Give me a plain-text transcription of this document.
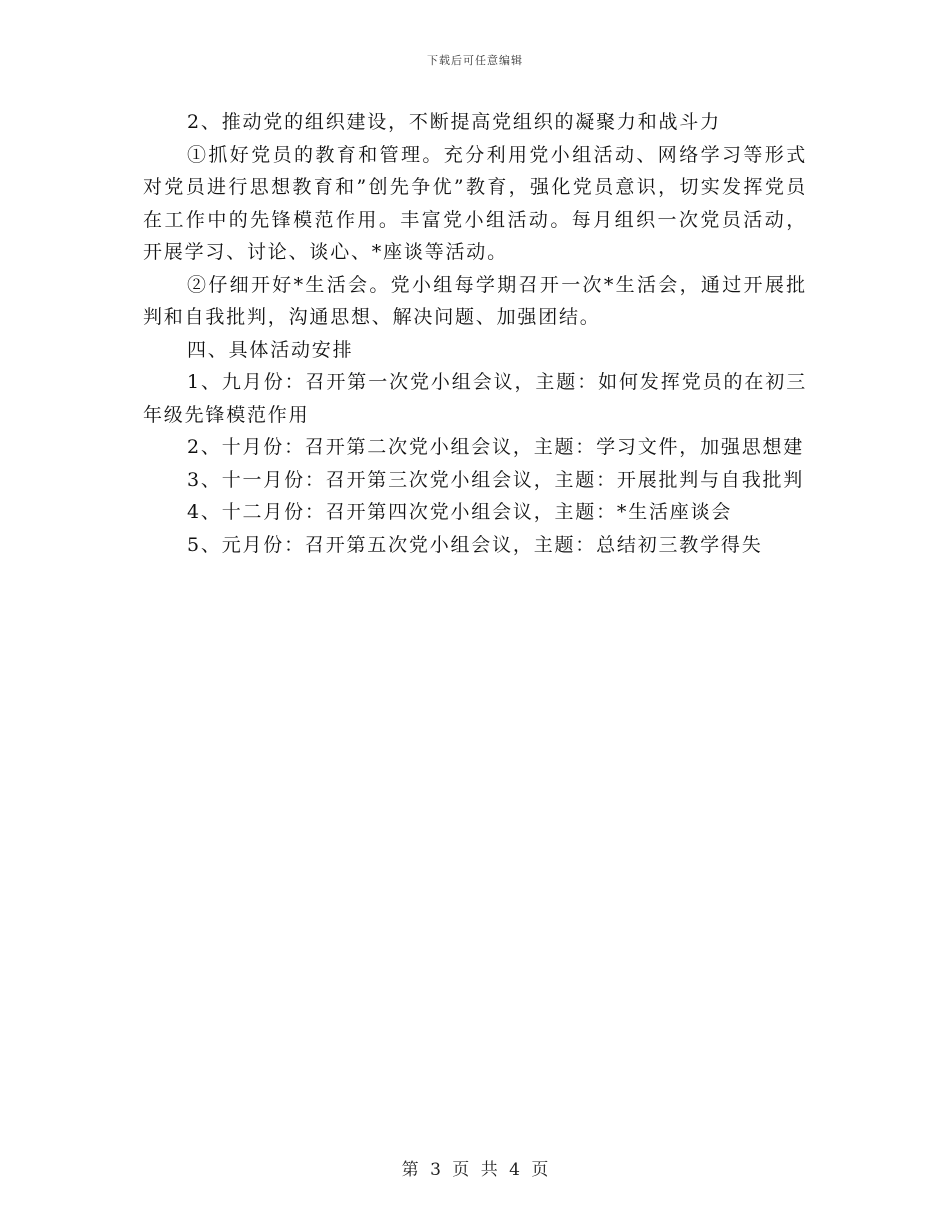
下载后可任意编辑

2、推动党的组织建设，不断提高党组织的凝聚力和战斗力

①抓好党员的教育和管理。充分利用党小组活动、网络学习等形式对党员进行思想教育和”创先争优”教育，强化党员意识，切实发挥党员在工作中的先锋模范作用。丰富党小组活动。每月组织一次党员活动，开展学习、讨论、谈心、*座谈等活动。

②仔细开好*生活会。党小组每学期召开一次*生活会，通过开展批判和自我批判，沟通思想、解决问题、加强团结。

四、具体活动安排

1、九月份：召开第一次党小组会议，主题：如何发挥党员的在初三年级先锋模范作用

2、十月份：召开第二次党小组会议，主题：学习文件，加强思想建

3、十一月份：召开第三次党小组会议，主题：开展批判与自我批判

4、十二月份：召开第四次党小组会议，主题：*生活座谈会

5、元月份：召开第五次党小组会议，主题：总结初三教学得失

第 3 页 共 4 页
